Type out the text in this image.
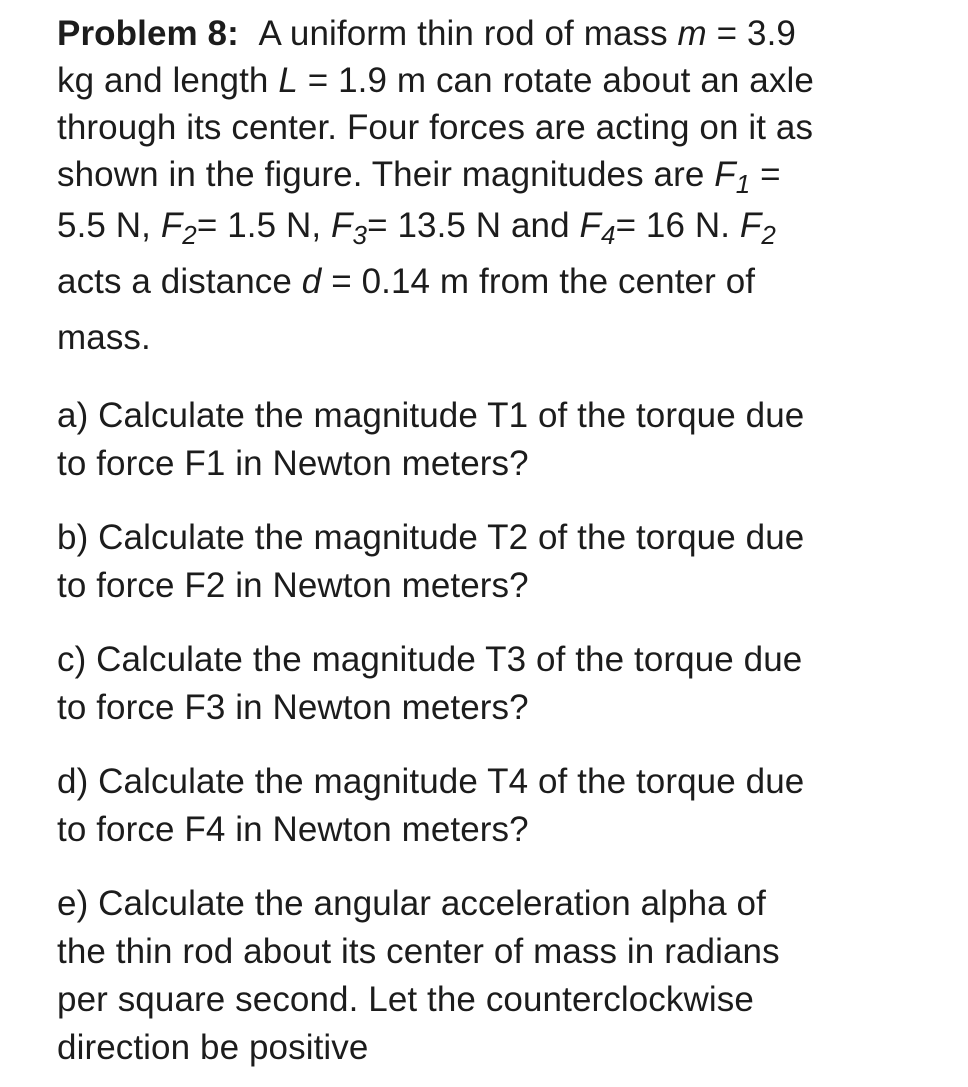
Problem 8: A uniform thin rod of mass m = 3.9
kg and length L = 1.9 m can rotate about an axle
through its center. Four forces are acting on it as
shown in the figure. Their magnitudes are $F_1$ =
5.5 N, $F_2= 1.5$ N, $F_3= 13.5$ N and $F_4= 16$ N. $F_2$
acts a distance d = 0.14 m from the center of
mass.
a) Calculate the magnitude T1 of the torque due
to force F1 in Newton meters?
b) Calculate the magnitude T2 of the torque due
to force F2 in Newton meters?
c) Calculate the magnitude T3 of the torque due
to force F3 in Newton meters?
d) Calculate the magnitude T4 of the torque due
to force F4 in Newton meters?
e) Calculate the angular acceleration alpha of
the thin rod about its center of mass in radians
per square second. Let the counterclockwise
direction be positive
